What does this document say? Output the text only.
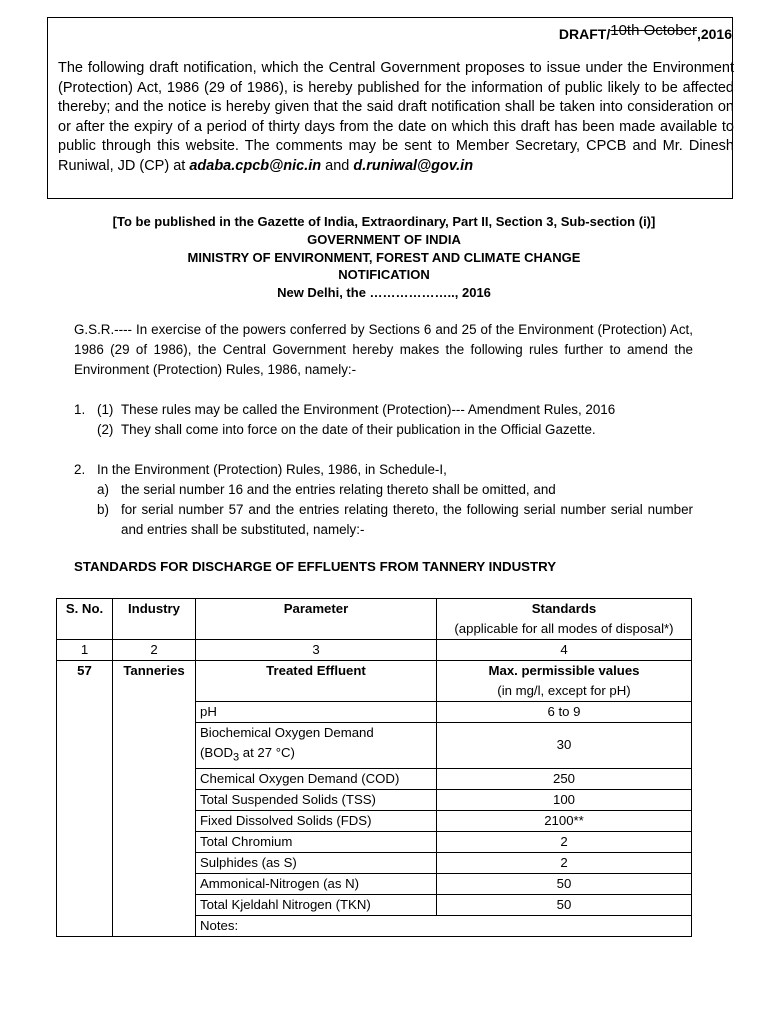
DRAFT/10th October,2016
The following draft notification, which the Central Government proposes to issue under the Environment (Protection) Act, 1986 (29 of 1986), is hereby published for the information of public likely to be affected thereby; and the notice is hereby given that the said draft notification shall be taken into consideration on or after the expiry of a period of thirty days from the date on which this draft has been made available to public through this website. The comments may be sent to Member Secretary, CPCB and Mr. Dinesh Runiwal, JD (CP) at adaba.cpcb@nic.in and d.runiwal@gov.in
[To be published in the Gazette of India, Extraordinary, Part II, Section 3, Sub-section (i)]
GOVERNMENT OF INDIA
MINISTRY OF ENVIRONMENT, FOREST AND CLIMATE CHANGE
NOTIFICATION
New Delhi, the ……………….., 2016
G.S.R.---- In exercise of the powers conferred by Sections 6 and 25 of the Environment (Protection) Act, 1986 (29 of 1986), the Central Government hereby makes the following rules further to amend the Environment (Protection) Rules, 1986, namely:-
1. (1) These rules may be called the Environment (Protection)--- Amendment Rules, 2016
(2) They shall come into force on the date of their publication in the Official Gazette.
2. In the Environment (Protection) Rules, 1986, in Schedule-I,
a) the serial number 16 and the entries relating thereto shall be omitted, and
b) for serial number 57 and the entries relating thereto, the following serial number serial number and entries shall be substituted, namely:-
STANDARDS FOR DISCHARGE OF EFFLUENTS FROM TANNERY INDUSTRY
S. No.	Industry	Parameter	Standards
(applicable for all modes of disposal*)

1	2	3	4
57	Tanneries	Treated Effluent	Max. permissible values
(in mg/l, except for pH)

		pH	6 to 9

		Biochemical Oxygen Demand
($BOD_3$ at 27 °C)	30
		Chemical Oxygen Demand (COD)	250
		Total Suspended Solids (TSS)	100
		Fixed Dissolved Solids (FDS)	2100**
		Total Chromium	2
		Sulphides (as S)	2
		Ammonical-Nitrogen (as N)	50
		Total Kjeldahl Nitrogen (TKN)	50
		Notes:	
